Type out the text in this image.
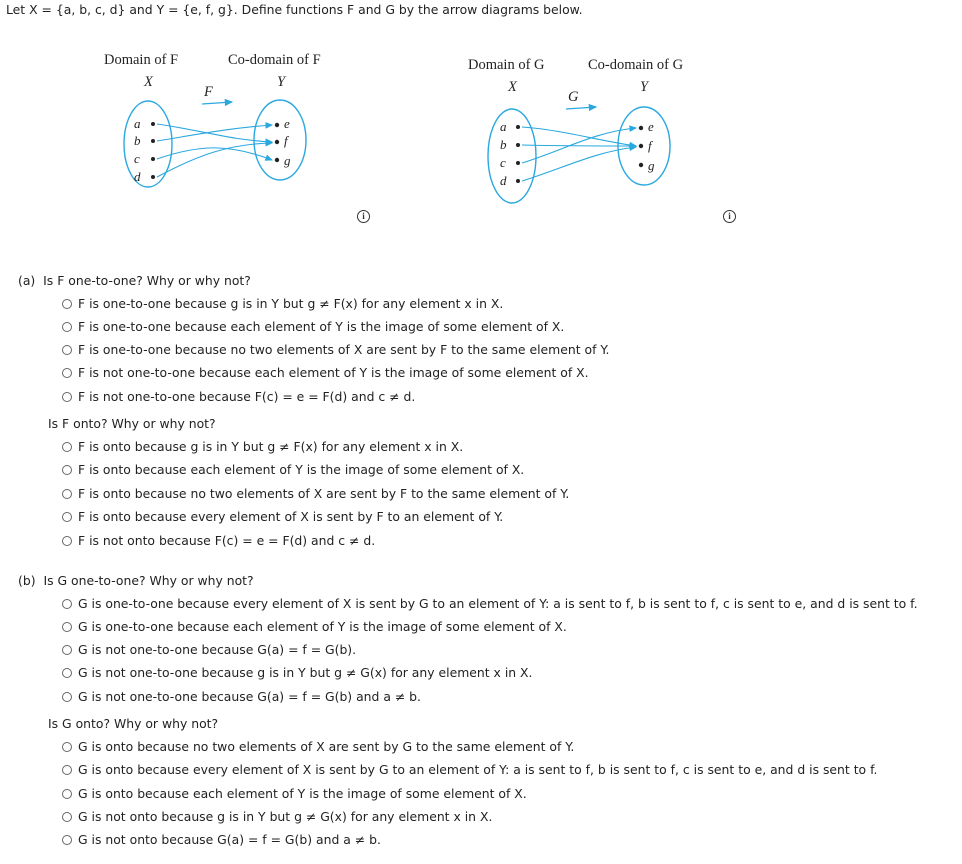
Let X = {a, b, c, d} and Y = {e, f, g}. Define functions F and G by the arrow diagrams below.
Domain of F	Co-domain of F
X	Y
F
a
b
c
d
e
f
g
i
Domain of G	Co-domain of G
X	Y
G
a
b
c
d
e
f
g
i
(a) Is F one-to-one? Why or why not?
F is one-to-one because g is in Y but g ≠ F(x) for any element x in X.
F is one-to-one because each element of Y is the image of some element of X.
F is one-to-one because no two elements of X are sent by F to the same element of Y.
F is not one-to-one because each element of Y is the image of some element of X.
F is not one-to-one because F(c) = e = F(d) and c ≠ d.
Is F onto? Why or why not?
F is onto because g is in Y but g ≠ F(x) for any element x in X.
F is onto because each element of Y is the image of some element of X.
F is onto because no two elements of X are sent by F to the same element of Y.
F is onto because every element of X is sent by F to an element of Y.
F is not onto because F(c) = e = F(d) and c ≠ d.
(b) Is G one-to-one? Why or why not?
G is one-to-one because every element of X is sent by G to an element of Y: a is sent to f, b is sent to f, c is sent to e, and d is sent to f.
G is one-to-one because each element of Y is the image of some element of X.
G is not one-to-one because G(a) = f = G(b).
G is not one-to-one because g is in Y but g ≠ G(x) for any element x in X.
G is not one-to-one because G(a) = f = G(b) and a ≠ b.
Is G onto? Why or why not?
G is onto because no two elements of X are sent by G to the same element of Y.
G is onto because every element of X is sent by G to an element of Y: a is sent to f, b is sent to f, c is sent to e, and d is sent to f.
G is onto because each element of Y is the image of some element of X.
G is not onto because g is in Y but g ≠ G(x) for any element x in X.
G is not onto because G(a) = f = G(b) and a ≠ b.
